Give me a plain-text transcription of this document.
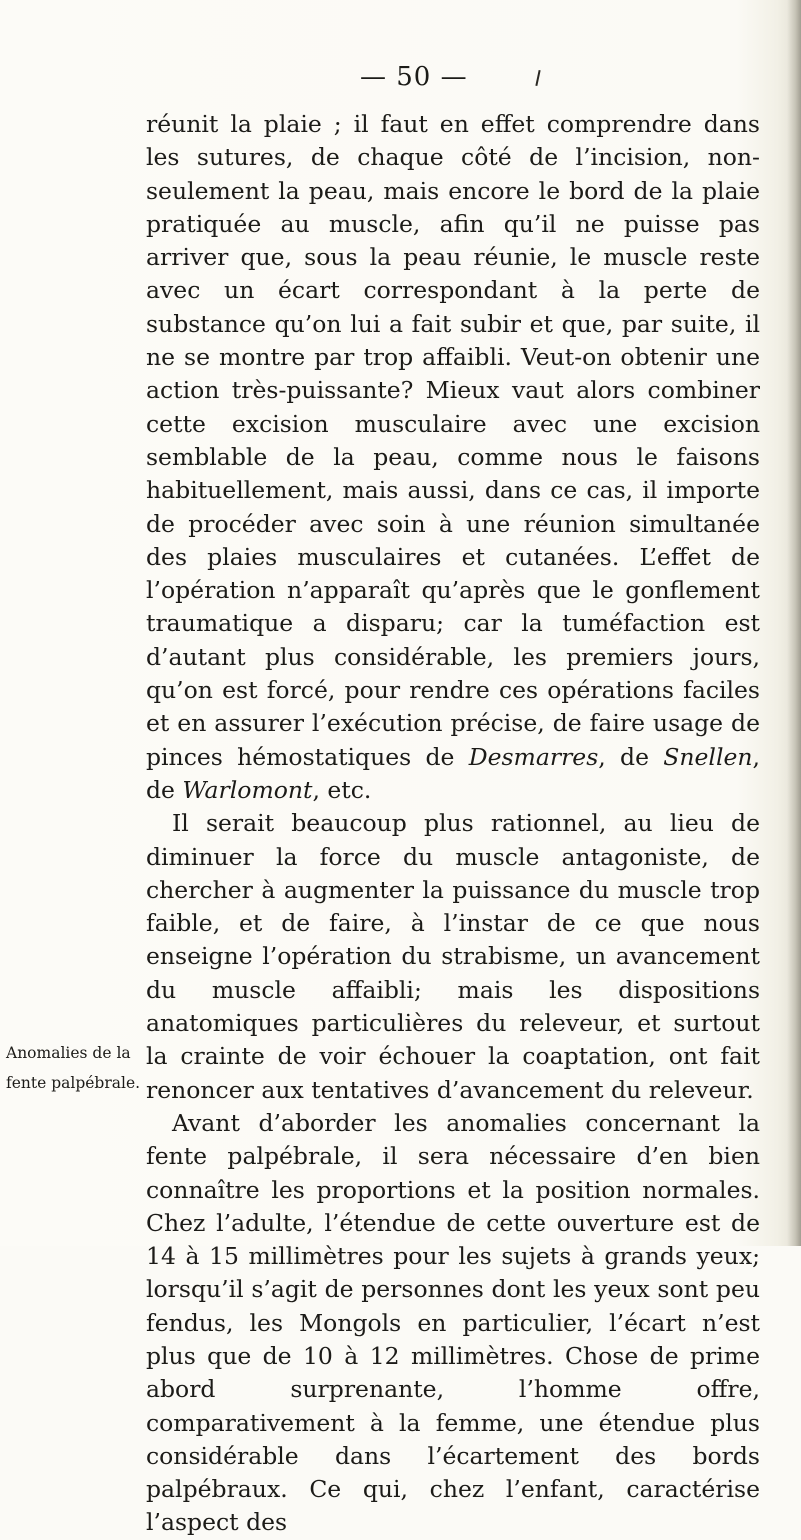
— 50 —
Anomalies de la
fente palpébrale.

réunit la plaie ; il faut en effet comprendre dans les sutures, de chaque côté de l’incision, non-seulement la peau, mais encore le bord de la plaie pratiquée au muscle, afin qu’il ne puisse pas arriver que, sous la peau réunie, le muscle reste avec un écart correspondant à la perte de substance qu’on lui a fait subir et que, par suite, il ne se montre par trop affaibli. Veut-on obtenir une action très-puissante? Mieux vaut alors combiner cette excision musculaire avec une excision semblable de la peau, comme nous le faisons habituellement, mais aussi, dans ce cas, il importe de procéder avec soin à une réunion simultanée des plaies musculaires et cutanées. L’effet de l’opération n’apparaît qu’après que le gonflement traumatique a disparu; car la tuméfaction est d’autant plus considérable, les premiers jours, qu’on est forcé, pour rendre ces opérations faciles et en assurer l’exécution précise, de faire usage de pinces hémostatiques de Desmarres, de Snellen, de Warlomont, etc.

Il serait beaucoup plus rationnel, au lieu de diminuer la force du muscle antagoniste, de chercher à augmenter la puissance du muscle trop faible, et de faire, à l’instar de ce que nous enseigne l’opération du strabisme, un avancement du muscle affaibli; mais les dispositions anatomiques particulières du releveur, et surtout la crainte de voir échouer la coaptation, ont fait renoncer aux tentatives d’avancement du releveur.

Avant d’aborder les anomalies concernant la fente palpébrale, il sera nécessaire d’en bien connaître les proportions et la position normales. Chez l’adulte, l’étendue de cette ouverture est de 14 à 15 millimètres pour les sujets à grands yeux; lorsqu’il s’agit de personnes dont les yeux sont peu fendus, les Mongols en particulier, l’écart n’est plus que de 10 à 12 millimètres. Chose de prime abord surprenante, l’homme offre, comparativement à la femme, une étendue plus considérable dans l’écartement des bords palpébraux. Ce qui, chez l’enfant, caractérise l’aspect des
